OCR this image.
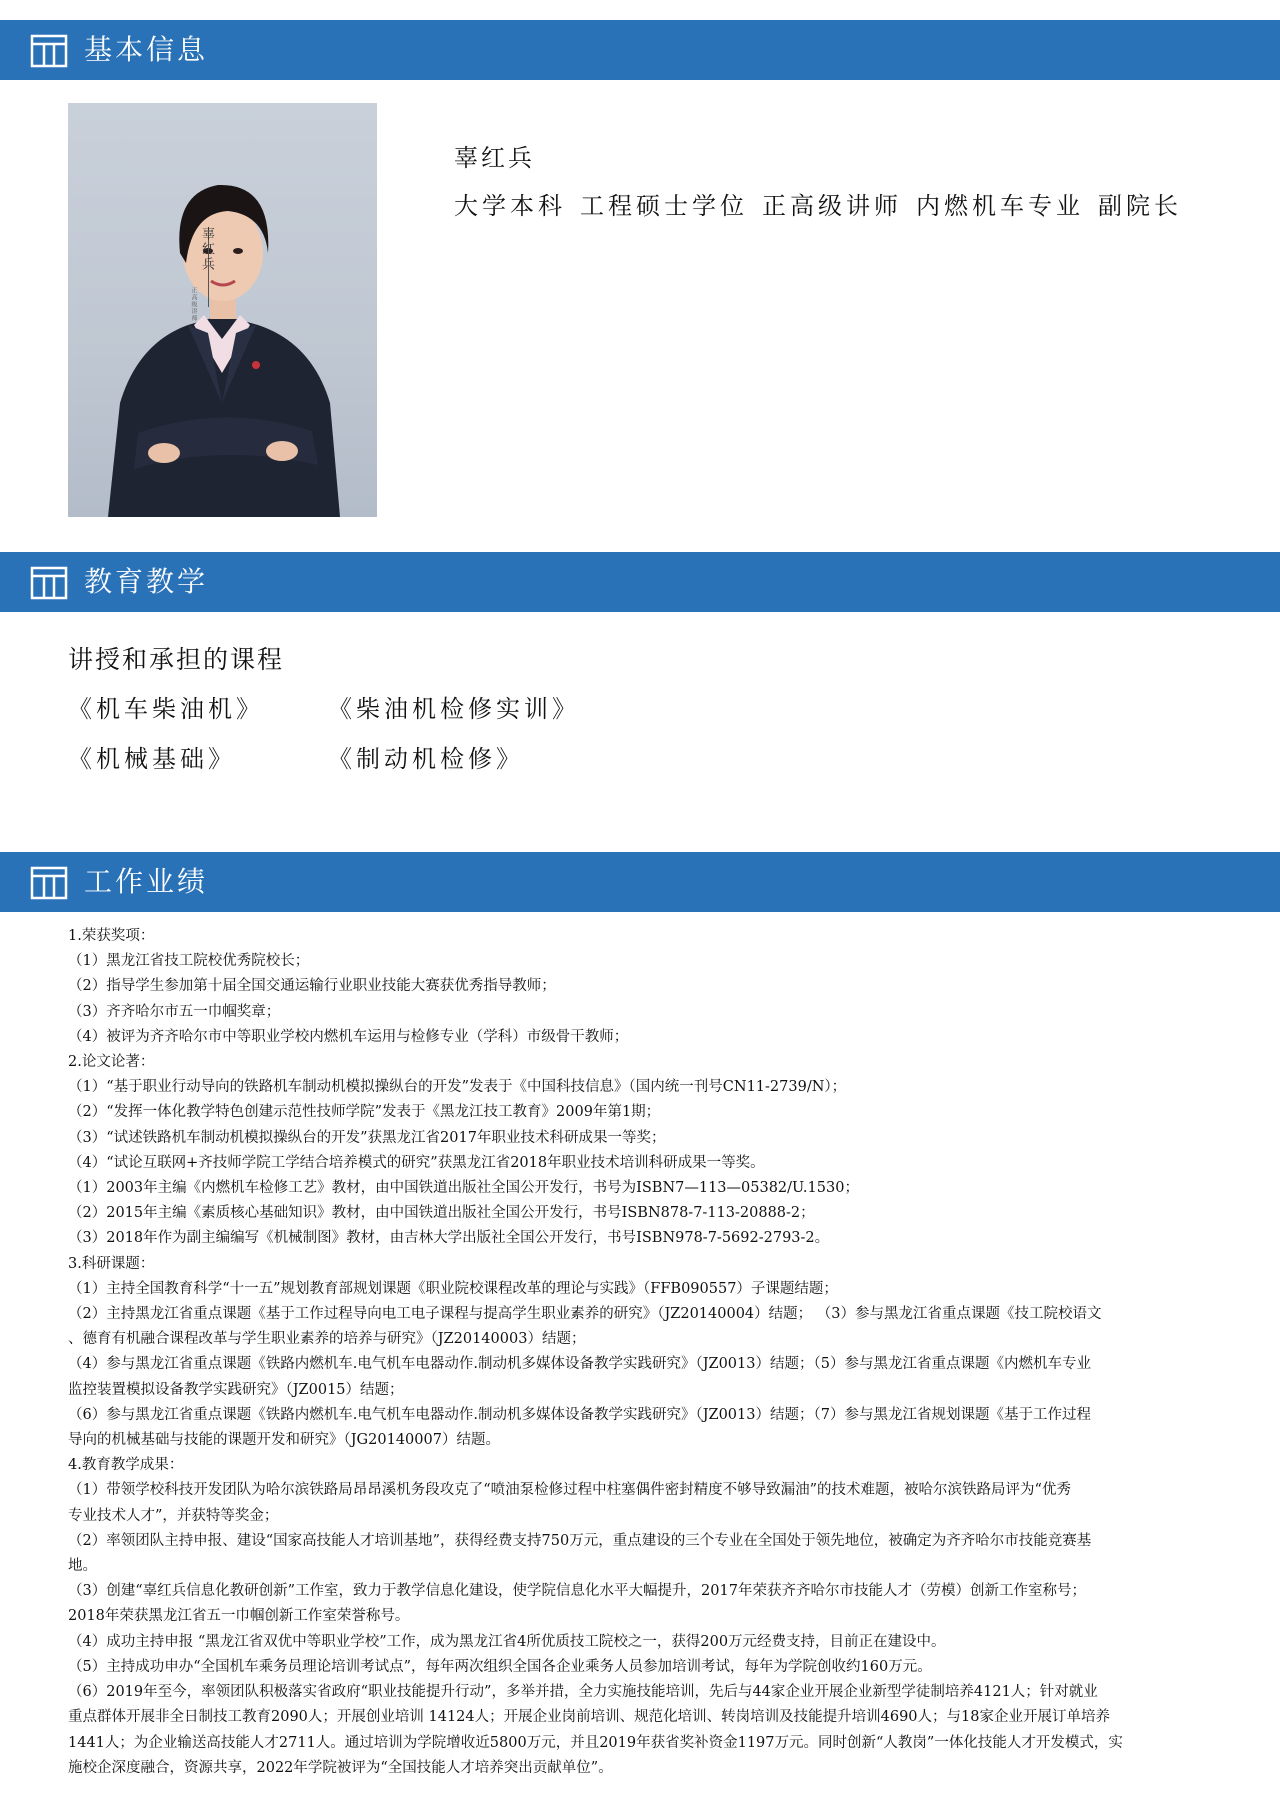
基本信息
辜红兵
正高级讲师
辜红兵
大学本科 工程硕士学位 正高级讲师 内燃机车专业 副院长
教育教学
讲授和承担的课程
《机车柴油机》	《柴油机检修实训》
《机械基础》	《制动机检修》
工作业绩

1.荣获奖项：

（1）黑龙江省技工院校优秀院校长；

（2）指导学生参加第十届全国交通运输行业职业技能大赛获优秀指导教师；

（3）齐齐哈尔市五一巾帼奖章；

（4）被评为齐齐哈尔市中等职业学校内燃机车运用与检修专业（学科）市级骨干教师；

2.论文论著：

（1）“基于职业行动导向的铁路机车制动机模拟操纵台的开发”发表于《中国科技信息》（国内统一刊号CN11-2739/N）；

（2）“发挥一体化教学特色创建示范性技师学院”发表于《黑龙江技工教育》2009年第1期；

（3）“试述铁路机车制动机模拟操纵台的开发”获黑龙江省2017年职业技术科研成果一等奖；

（4）“试论互联网+齐技师学院工学结合培养模式的研究”获黑龙江省2018年职业技术培训科研成果一等奖。

（1）2003年主编《内燃机车检修工艺》教材，由中国铁道出版社全国公开发行，书号为ISBN7—113—05382/U.1530；

（2）2015年主编《素质核心基础知识》教材，由中国铁道出版社全国公开发行，书号ISBN878-7-113-20888-2；

（3）2018年作为副主编编写《机械制图》教材，由吉林大学出版社全国公开发行，书号ISBN978-7-5692-2793-2。

3.科研课题：

（1）主持全国教育科学“十一五”规划教育部规划课题《职业院校课程改革的理论与实践》（FFB090557）子课题结题；

（2）主持黑龙江省重点课题《基于工作过程导向电工电子课程与提高学生职业素养的研究》（JZ20140004）结题； （3）参与黑龙江省重点课题《技工院校语文

、德育有机融合课程改革与学生职业素养的培养与研究》（JZ20140003）结题；

（4）参与黑龙江省重点课题《铁路内燃机车.电气机车电器动作.制动机多媒体设备教学实践研究》（JZ0013）结题；（5）参与黑龙江省重点课题《内燃机车专业

监控装置模拟设备教学实践研究》（JZ0015）结题；

（6）参与黑龙江省重点课题《铁路内燃机车.电气机车电器动作.制动机多媒体设备教学实践研究》（JZ0013）结题；（7）参与黑龙江省规划课题《基于工作过程

导向的机械基础与技能的课题开发和研究》（JG20140007）结题。

4.教育教学成果：

（1）带领学校科技开发团队为哈尔滨铁路局昂昂溪机务段攻克了“喷油泵检修过程中柱塞偶件密封精度不够导致漏油”的技术难题，被哈尔滨铁路局评为“优秀

专业技术人才”，并获特等奖金；

（2）率领团队主持申报、建设“国家高技能人才培训基地”，获得经费支持750万元，重点建设的三个专业在全国处于领先地位，被确定为齐齐哈尔市技能竞赛基

地。

（3）创建“辜红兵信息化教研创新”工作室，致力于教学信息化建设，使学院信息化水平大幅提升，2017年荣获齐齐哈尔市技能人才（劳模）创新工作室称号；

2018年荣获黑龙江省五一巾帼创新工作室荣誉称号。

（4）成功主持申报 “黑龙江省双优中等职业学校”工作，成为黑龙江省4所优质技工院校之一，获得200万元经费支持，目前正在建设中。

（5）主持成功申办“全国机车乘务员理论培训考试点”，每年两次组织全国各企业乘务人员参加培训考试，每年为学院创收约160万元。

（6）2019年至今，率领团队积极落实省政府“职业技能提升行动”，多举并措，全力实施技能培训，先后与44家企业开展企业新型学徒制培养4121人；针对就业

重点群体开展非全日制技工教育2090人；开展创业培训 14124人；开展企业岗前培训、规范化培训、转岗培训及技能提升培训4690人；与18家企业开展订单培养

1441人；为企业输送高技能人才2711人。通过培训为学院增收近5800万元，并且2019年获省奖补资金1197万元。同时创新“人教岗”一体化技能人才开发模式，实

施校企深度融合，资源共享，2022年学院被评为“全国技能人才培养突出贡献单位”。
